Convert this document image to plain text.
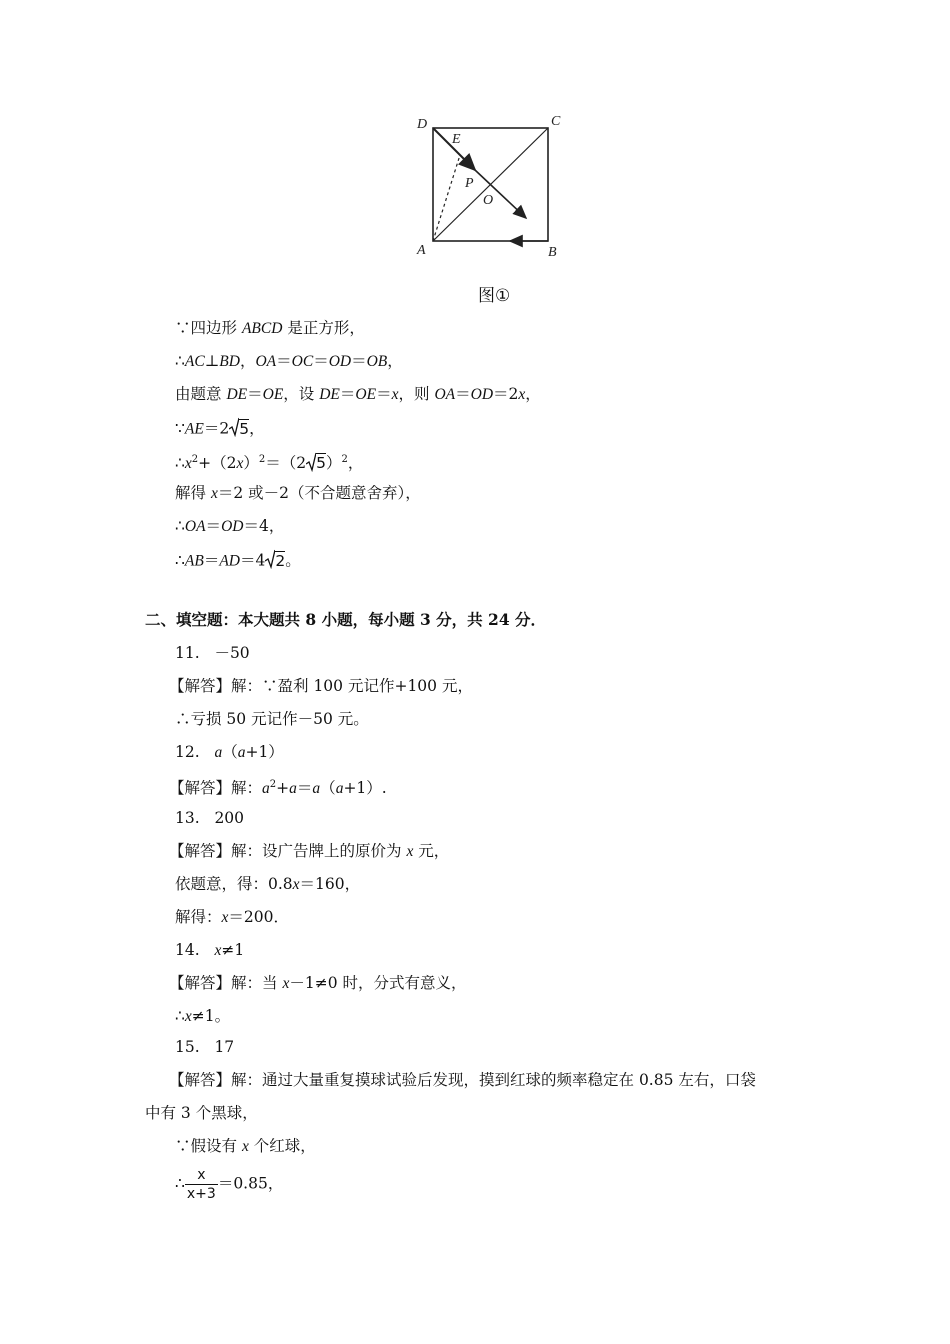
D
E
C
P
O
A	B
图①
∵四边形 ABCD 是正方形，
∴AC⊥BD，OA＝OC＝OD＝OB，
由题意 DE＝OE，设 DE＝OE＝x，则 OA＝OD＝2x，
∵AE＝2 5，
$\therefore x^2+(2x)^2=(2$ 5）$^2$，
解得 x＝2 或－2（不合题意舍弃），
∴OA＝OD＝4，
∴AB＝AD＝4 2。
二、填空题：本大题共 8 小题，每小题 3 分，共 24 分．
11. －50
【解答】解：∵盈利 100 元记作+100 元，
∴亏损 50 元记作－50 元。
12. a（a+1）
【解答】解：$a^2+a=a(a+1)$.
13. 200
【解答】解：设广告牌上的原价为 x 元，
依题意，得：0.8x＝160，
解得：x＝200．
14. x≠1
【解答】解：当 x－1≠0 时，分式有意义，
∴x≠1。
15. 17
【解答】解：通过大量重复摸球试验后发现，摸到红球的频率稳定在 0.85 左右，口袋
中有 3 个黑球，
∵假设有 x 个红球，
∴ $\frac{x}{x+3} =0.85$，
